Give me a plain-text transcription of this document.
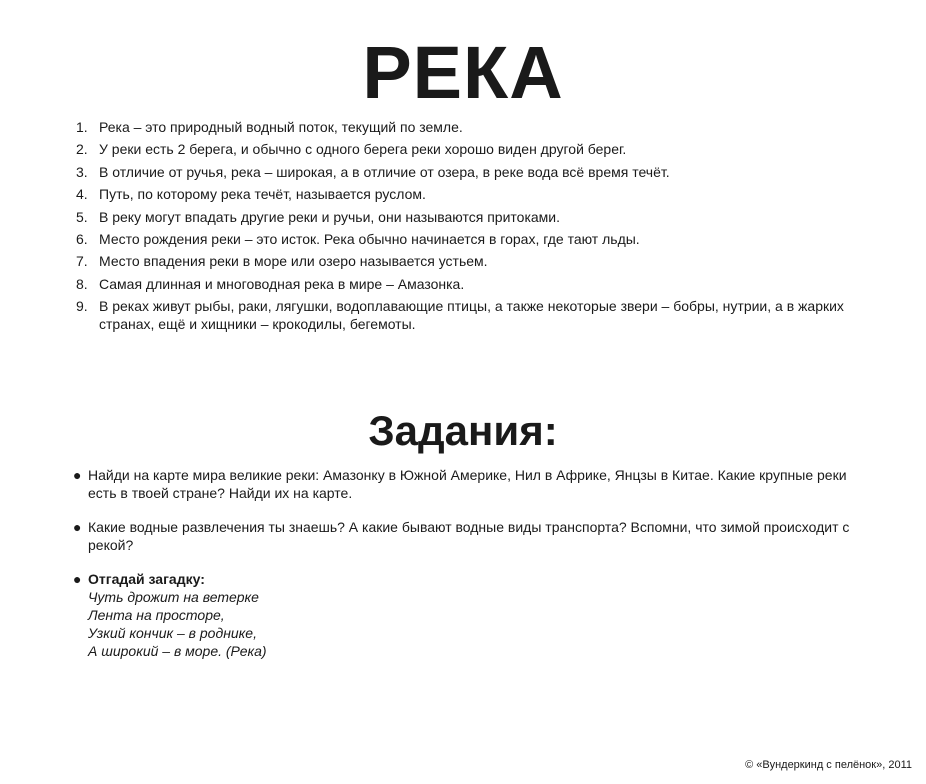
РЕКА
1. Река – это природный водный поток, текущий по земле.
2. У реки есть 2 берега, и обычно с одного берега реки хорошо виден другой берег.
3. В отличие от ручья, река – широкая, а в отличие от озера, в реке вода всё время течёт.
4. Путь, по которому река течёт, называется руслом.
5. В реку могут впадать другие реки и ручьи, они называются притоками.
6. Место рождения реки – это исток. Река обычно начинается в горах, где тают льды.
7. Место впадения реки в море или озеро называется устьем.
8. Самая длинная и многоводная река в мире – Амазонка.
9. В реках живут рыбы, раки, лягушки, водоплавающие птицы, а также некоторые звери – бобры, нутрии, а в жарких странах, ещё и хищники – крокодилы, бегемоты.
Задания:
● Найди на карте мира великие реки: Амазонку в Южной Америке, Нил в Африке, Янцзы в Китае. Какие крупные реки есть в твоей стране? Найди их на карте.
● Какие водные развлечения ты знаешь? А какие бывают водные виды транспорта? Вспомни, что зимой происходит с рекой?
● Отгадай загадку:
Чуть дрожит на ветерке
Лента на просторе,
Узкий кончик – в роднике,
А широкий – в море. (Река)
© «Вундеркинд с пелёнок», 2011
